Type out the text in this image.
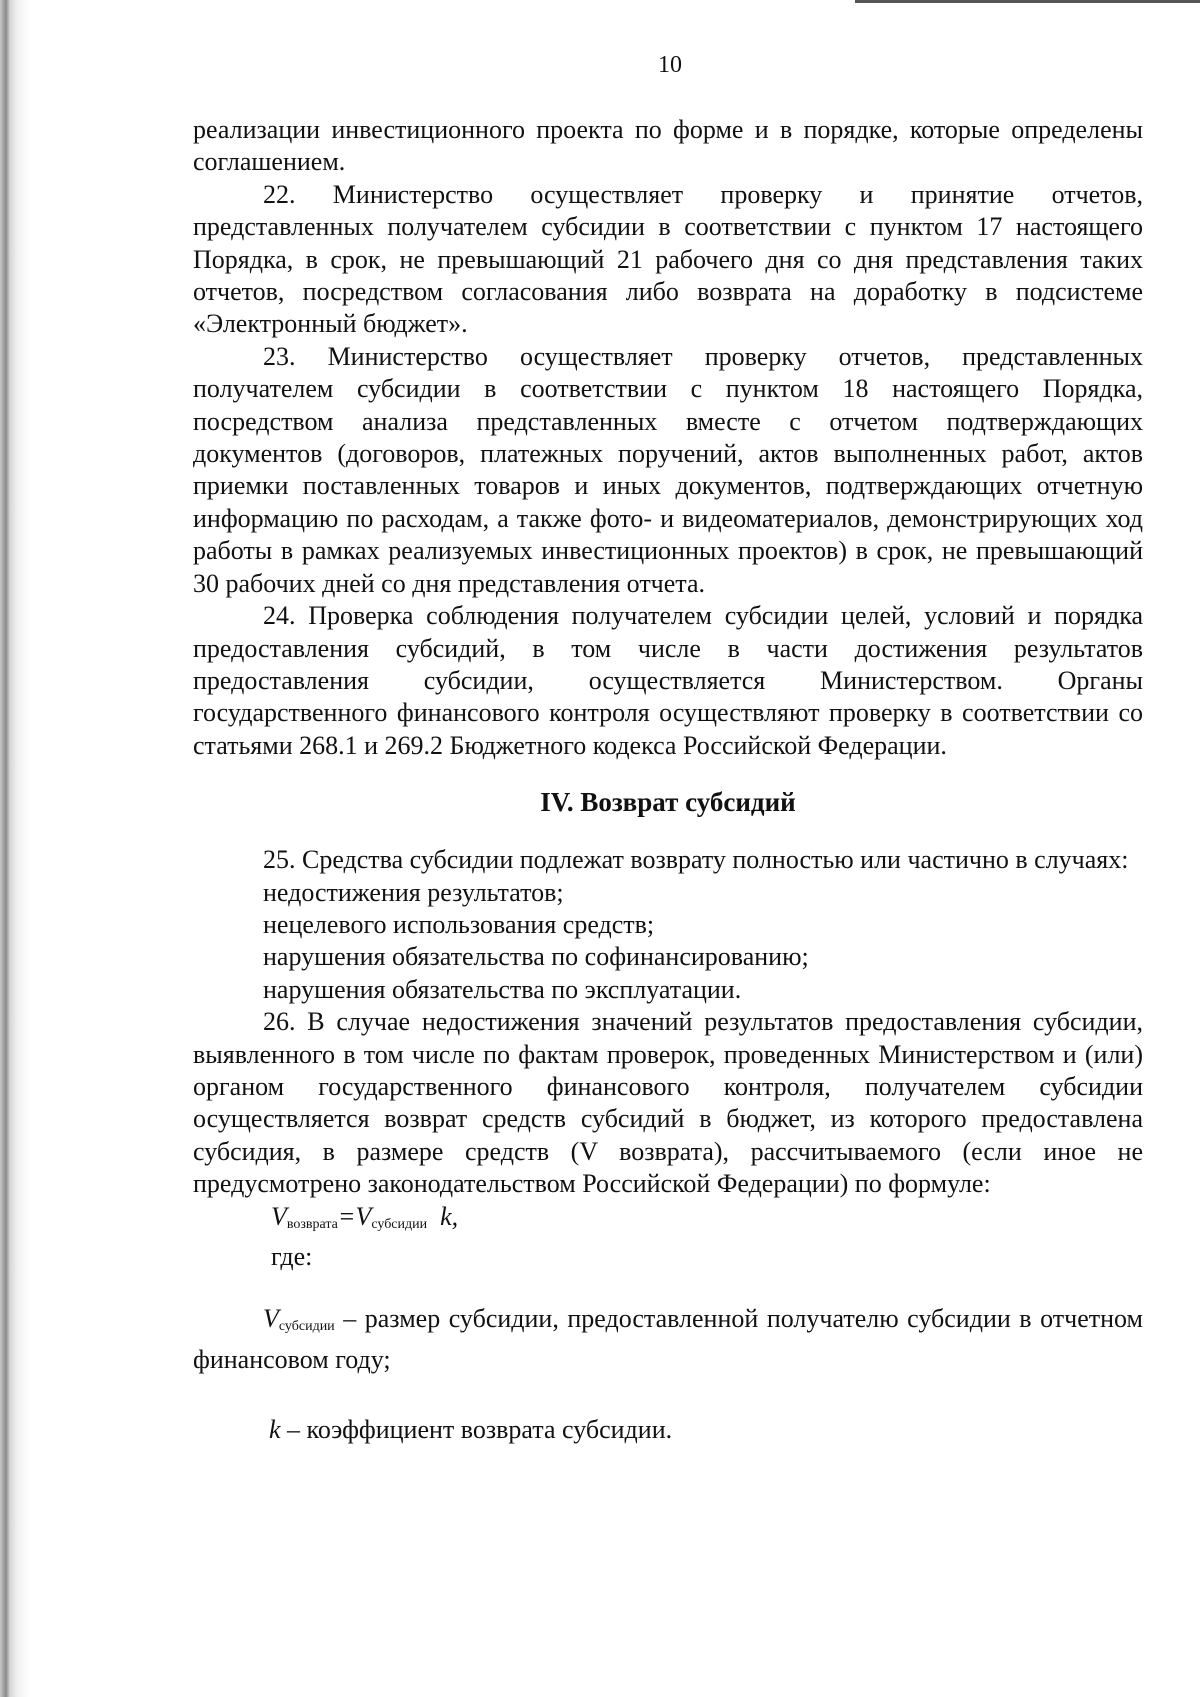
10

реализации инвестиционного проекта по форме и в порядке, которые определены соглашением.

22. Министерство осуществляет проверку и принятие отчетов, представленных получателем субсидии в соответствии с пунктом 17 настоящего Порядка, в срок, не превышающий 21 рабочего дня со дня представления таких отчетов, посредством согласования либо возврата на доработку в подсистеме «Электронный бюджет».

23. Министерство осуществляет проверку отчетов, представленных получателем субсидии в соответствии с пунктом 18 настоящего Порядка, посредством анализа представленных вместе с отчетом подтверждающих документов (договоров, платежных поручений, актов выполненных работ, актов приемки поставленных товаров и иных документов, подтверждающих отчетную информацию по расходам, а также фото- и видеоматериалов, демонстрирующих ход работы в рамках реализуемых инвестиционных проектов) в срок, не превышающий 30 рабочих дней со дня представления отчета.

24. Проверка соблюдения получателем субсидии целей, условий и порядка предоставления субсидий, в том числе в части достижения результатов предоставления субсидии, осуществляется Министерством. Органы государственного финансового контроля осуществляют проверку в соответствии со статьями 268.1 и 269.2 Бюджетного кодекса Российской Федерации.

IV. Возврат субсидий

25. Средства субсидии подлежат возврату полностью или частично в случаях:

недостижения результатов;

нецелевого использования средств;

нарушения обязательства по софинансированию;

нарушения обязательства по эксплуатации.

26. В случае недостижения значений результатов предоставления субсидии, выявленного в том числе по фактам проверок, проведенных Министерством и (или) органом государственного финансового контроля, получателем субсидии осуществляется возврат средств субсидий в бюджет, из которого предоставлена субсидия, в размере средств (V возврата), рассчитываемого (если иное не предусмотрено законодательством Российской Федерации) по формуле:

$V_{возврата}=V_{субсидии}$ k,

где:

$V_{субсидии}$ – размер субсидии, предоставленной получателю субсидии в отчетном финансовом году;

k – коэффициент возврата субсидии.
